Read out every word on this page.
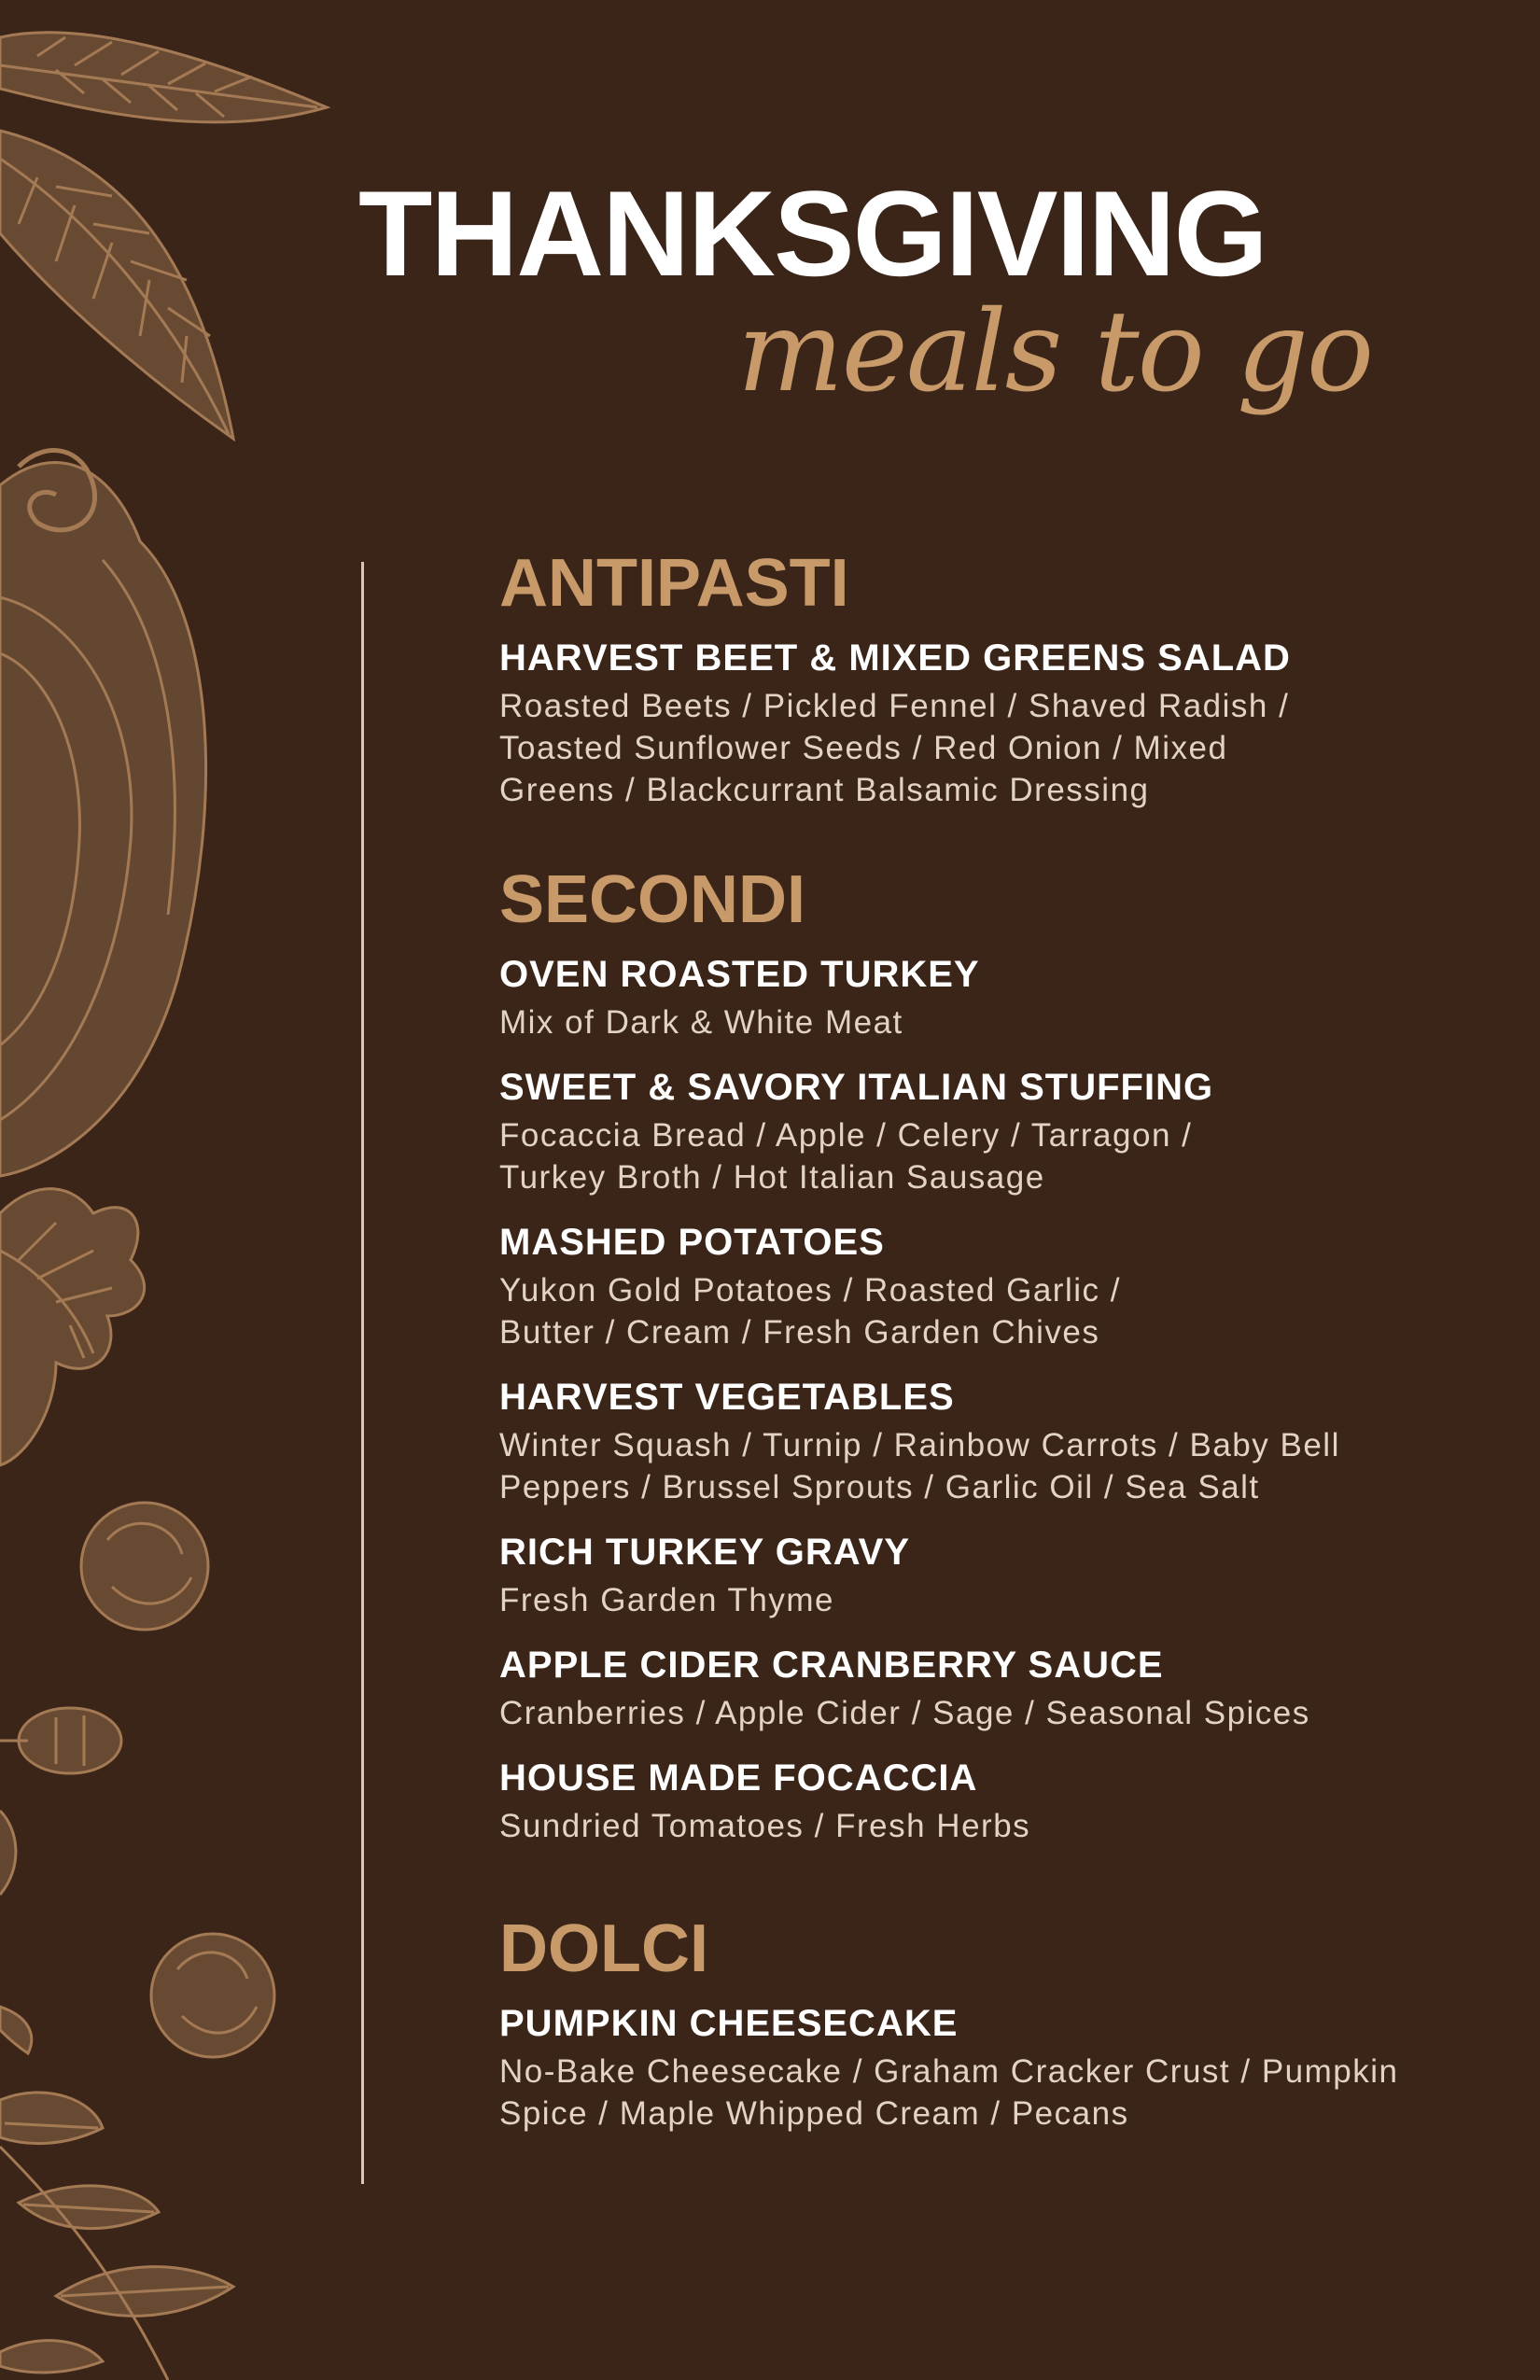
THANKSGIVING
meals to go
ANTIPASTI

HARVEST BEET & MIXED GREENS SALAD

Roasted Beets / Pickled Fennel / Shaved Radish /
Toasted Sunflower Seeds / Red Onion / Mixed
Greens / Blackcurrant Balsamic Dressing

SECONDI

OVEN ROASTED TURKEY

Mix of Dark & White Meat

SWEET & SAVORY ITALIAN STUFFING

Focaccia Bread / Apple / Celery / Tarragon /
Turkey Broth / Hot Italian Sausage

MASHED POTATOES

Yukon Gold Potatoes / Roasted Garlic /
Butter / Cream / Fresh Garden Chives

HARVEST VEGETABLES

Winter Squash / Turnip / Rainbow Carrots / Baby Bell
Peppers / Brussel Sprouts / Garlic Oil / Sea Salt

RICH TURKEY GRAVY

Fresh Garden Thyme

APPLE CIDER CRANBERRY SAUCE

Cranberries / Apple Cider / Sage / Seasonal Spices

HOUSE MADE FOCACCIA

Sundried Tomatoes / Fresh Herbs

DOLCI

PUMPKIN CHEESECAKE

No-Bake Cheesecake / Graham Cracker Crust / Pumpkin
Spice / Maple Whipped Cream / Pecans
